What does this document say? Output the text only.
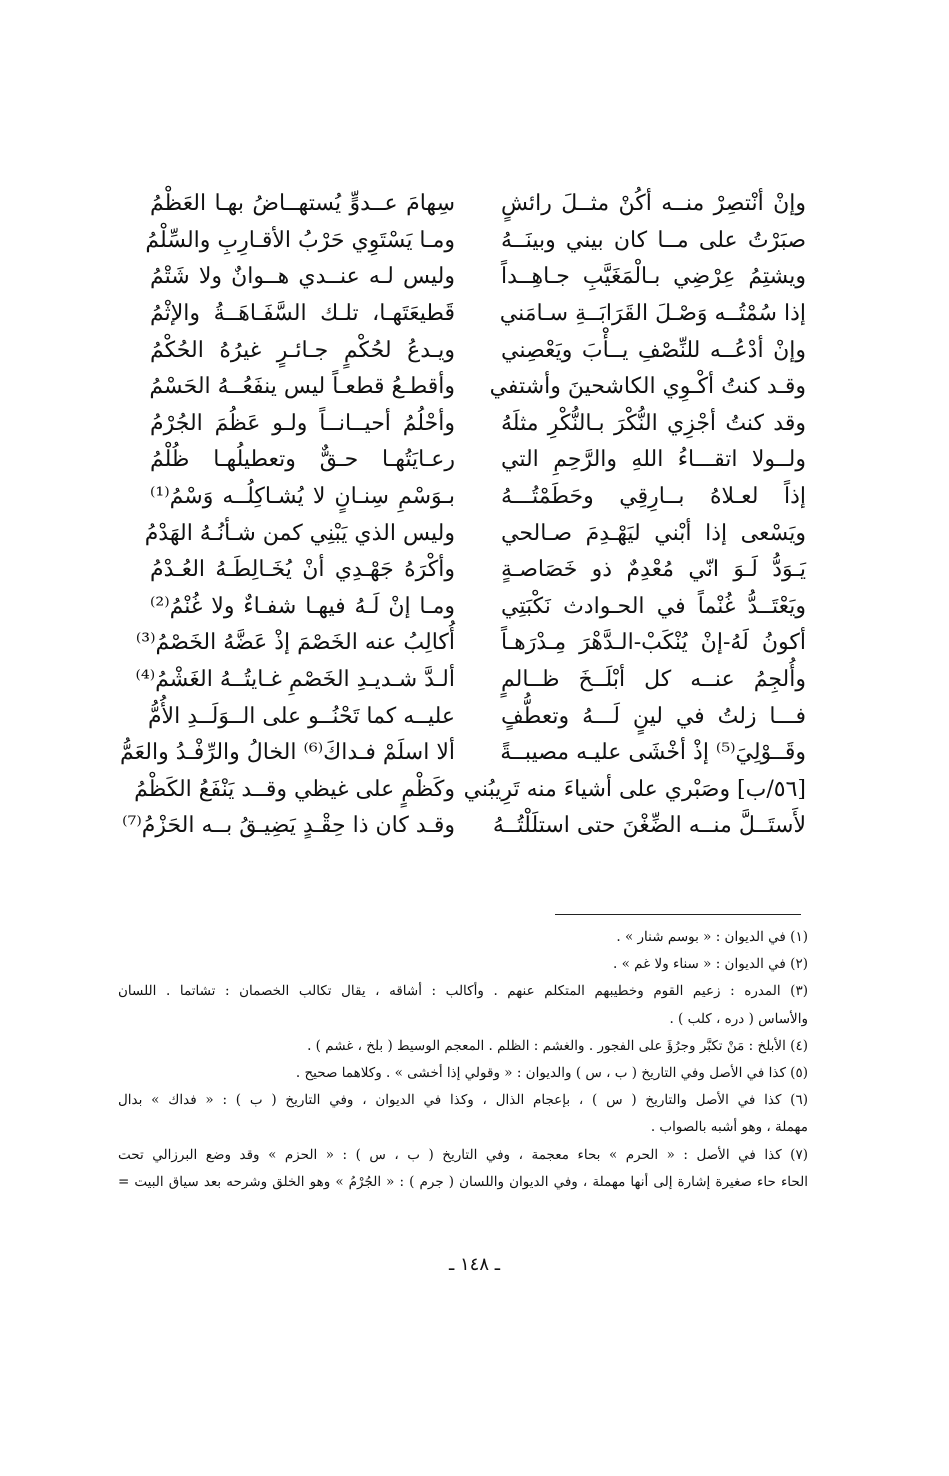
وإنْ أنْتصِرْ منــه أكُنْ مثــلَ رائشٍ
سِهامَ عــدوٍّ يُستهــاضُ بهـا العَظْمُ
صبَرْتُ على مــا كان بيني وبينَــهُ
ومـا يَسْتَوِي حَرْبُ الأقـارِبِ والسِّلْمُ
ويشتِمُ عِرْضِي بـالْمَغَيَّبِ جـاهِــداً
وليس لـه عنــدي هــوانٌ ولا شَتْمُ
إذا سُمْتُــه وَصْـلَ القَرَابَــةِ سـامَني
قَطيعَتَهـا، تلـك السَّفَـاهَــةُ والإثْمُ
وإنْ أدْعُــه للنِّصْفِ يــأْبَ ويَعْصِني
ويـدعُ لحُكْمٍ جـائـرٍ غيرُهُ الحُكْمُ
وقـد كنتُ أكْـوِي الكاشحينَ وأشتفي
وأقطـعُ قطعـاً ليس ينفَعُــهُ الحَسْمُ
وقد كنتُ أجْزِي النُّكْرَ بـالنُّكْرِ مثلَهُ
وأحْلُمُ أحيــانــاً ولـو عَظُمَ الجُرْمُ
ولــولا اتقـــاءُ اللهِ والرَّحِمِ التي
رعـايَتُهـا حـقٌّ وتعطيلُهـا ظُلْمُ
إذاً لعـلاهُ بــارِقِي وحَطَمْتُـــهُ
بـوَسْمِ سِنـانٍ لا يُشـاكِلُــه وَسْمُ⁽¹⁾
ويَسْعى إذا أبْني ليَهْـدِمَ صـالحي
وليس الذي يَبْنِي كمن شـأنُـهُ الهَدْمُ
يَـوَدُّ لَـوَ انّي مُعْدِمٌ ذو خَصَاصـةٍ
وأكْرَهُ جَهْـدِي أنْ يُخَـالِطَـهُ العُـدْمُ
ويَعْتَــدُّ غُنْماً في الحـوادث نَكْبَتِي
ومـا إنْ لَـهُ فيهـا شفـاءٌ ولا غُنْمُ⁽²⁾
أكونُ لَهُ-إنْ يُنْكَبْ-الـدَّهْرَ مِـدْرَهـاً
أُكالِبُ عنه الخَصْمَ إذْ عَضَّهُ الخَصْمُ⁽³⁾
وأُلجِمُ عنــه كل أبْلَــخَ ظــالمٍ
ألـدَّ شـديـدِ الخَصْمِ غـايتُــهُ الغَشْمُ⁽⁴⁾
فـــا زلتُ في لينٍ لَـــهُ وتعطُّفٍ
عليــه كما تَحْنُــو على الــوَلَــدِ الأُمُّ
وقَــوْلِيَ⁽⁵⁾ إذْ أخْشَى عليـه مصيبــةً
ألا اسلَمْ فـداكَ⁽⁶⁾ الخالُ والرِّفْـدُ والعَمُّ
[٥٦/ب] وصَبْري على أشياءَ منه تَرِيبُني
وكَظْمٍ على غيظي وقــد يَنْفَعُ الكَظْمُ
لأَستَــلَّ منــه الضِّغْنَ حتى استلَلْتُــهُ
وقـد كان ذا حِقْـدٍ يَضِيـقُ بــه الحَزْمُ⁽⁷⁾
(١) في الديوان : « بوسم شنار » .
(٢) في الديوان : « سناء ولا غم » .
(٣) المدره : زعيم القوم وخطيبهم المتكلم عنهم . وأكالب : أشاقه ، يقال تكالب الخصمان : تشاتما . اللسان
والأساس ( دره ، كلب ) .
(٤) الأبلخ : مَنْ تكبَّر وجرُؤَ على الفجور . والغشم : الظلم . المعجم الوسيط ( بلخ ، غشم ) .
(٥) كذا في الأصل وفي التاريخ ( ب ، س ) والديوان : « وقولي إذا أخشى » . وكلاهما صحيح .
(٦) كذا في الأصل والتاريخ ( س ) ، بإعجام الذال ، وكذا في الديوان ، وفي التاريخ ( ب ) : « فداك » بدال
مهملة ، وهو أشبه بالصواب .
(٧) كذا في الأصل : « الحرم » بحاء معجمة ، وفي التاريخ ( ب ، س ) : « الحزم » وقد وضع البرزالي تحت
الحاء حاء صغيرة إشارة إلى أنها مهملة ، وفي الديوان واللسان ( جرم ) : « الجُرْمُ » وهو الخلق وشرحه بعد سياق البيت =
ـ ١٤٨ ـ
